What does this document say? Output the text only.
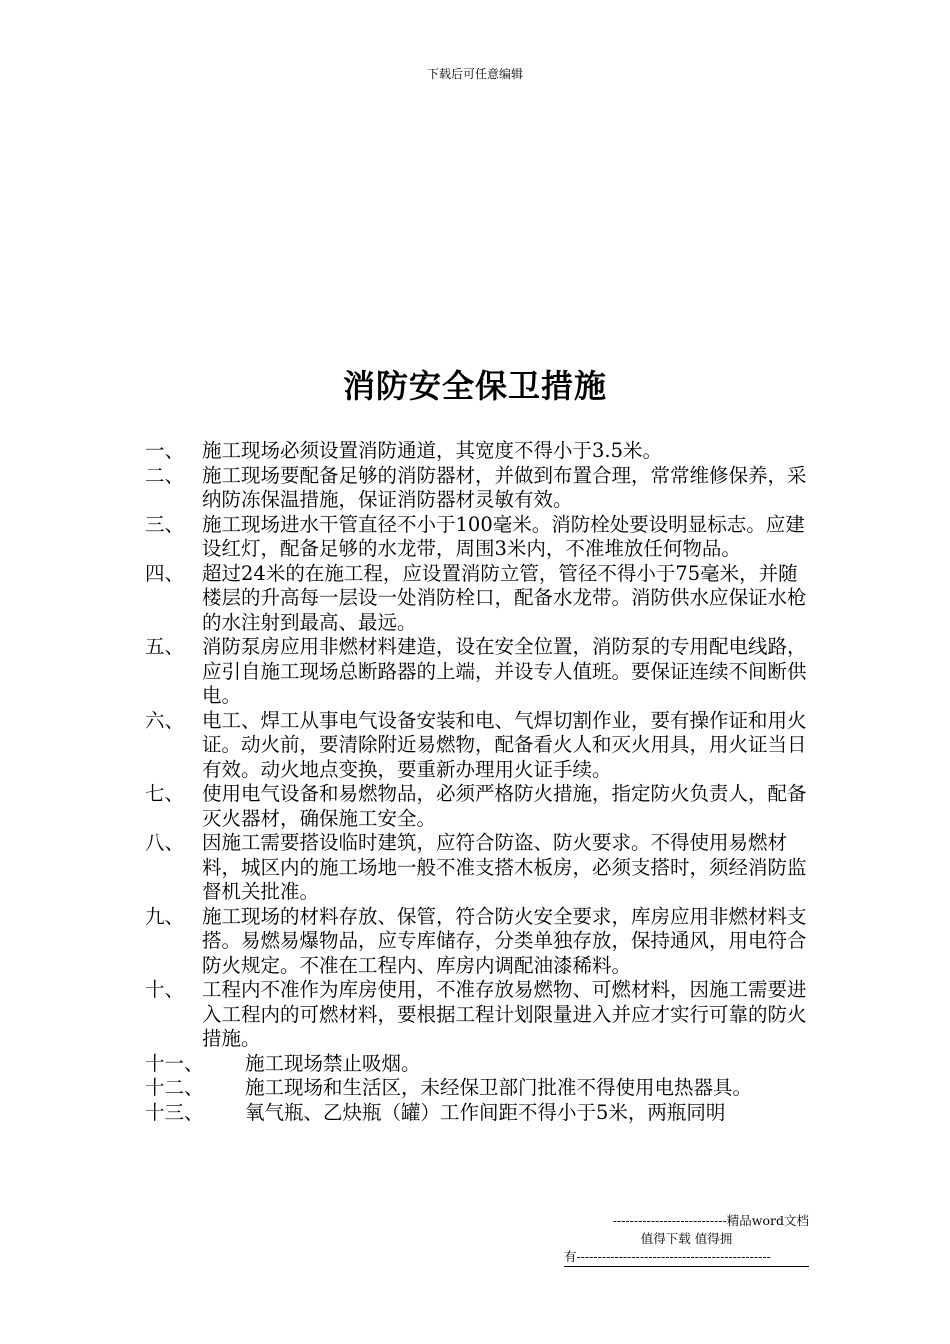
下载后可任意编辑
消防安全保卫措施
一、 施工现场必须设置消防通道，其宽度不得小于3.5米。
二、 施工现场要配备足够的消防器材，并做到布置合理，常常维修保养，采纳防冻保温措施，保证消防器材灵敏有效。
三、 施工现场进水干管直径不小于100毫米。消防栓处要设明显标志。应建设红灯，配备足够的水龙带，周围3米内，不准堆放任何物品。
四、 超过24米的在施工程，应设置消防立管，管径不得小于75毫米，并随楼层的升高每一层设一处消防栓口，配备水龙带。消防供水应保证水枪的水注射到最高、最远。
五、 消防泵房应用非燃材料建造，设在安全位置，消防泵的专用配电线路，应引自施工现场总断路器的上端，并设专人值班。要保证连续不间断供电。
六、 电工、焊工从事电气设备安装和电、气焊切割作业，要有操作证和用火证。动火前，要清除附近易燃物，配备看火人和灭火用具，用火证当日有效。动火地点变换，要重新办理用火证手续。
七、 使用电气设备和易燃物品，必须严格防火措施，指定防火负责人，配备灭火器材，确保施工安全。
八、 因施工需要搭设临时建筑，应符合防盗、防火要求。不得使用易燃材料，城区内的施工场地一般不准支搭木板房，必须支搭时，须经消防监督机关批准。
九、 施工现场的材料存放、保管，符合防火安全要求，库房应用非燃材料支搭。易燃易爆物品，应专库储存，分类单独存放，保持通风，用电符合防火规定。不准在工程内、库房内调配油漆稀料。
十、 工程内不准作为库房使用，不准存放易燃物、可燃材料，因施工需要进入工程内的可燃材料，要根据工程计划限量进入并应才实行可靠的防火措施。
十一、	施工现场禁止吸烟。
十二、	施工现场和生活区，未经保卫部门批准不得使用电热器具。
十三、	氧气瓶、乙炔瓶（罐）工作间距不得小于5米，两瓶同明
---------------------------精品word文档
值得下载 值得拥
有----------------------------------------------
